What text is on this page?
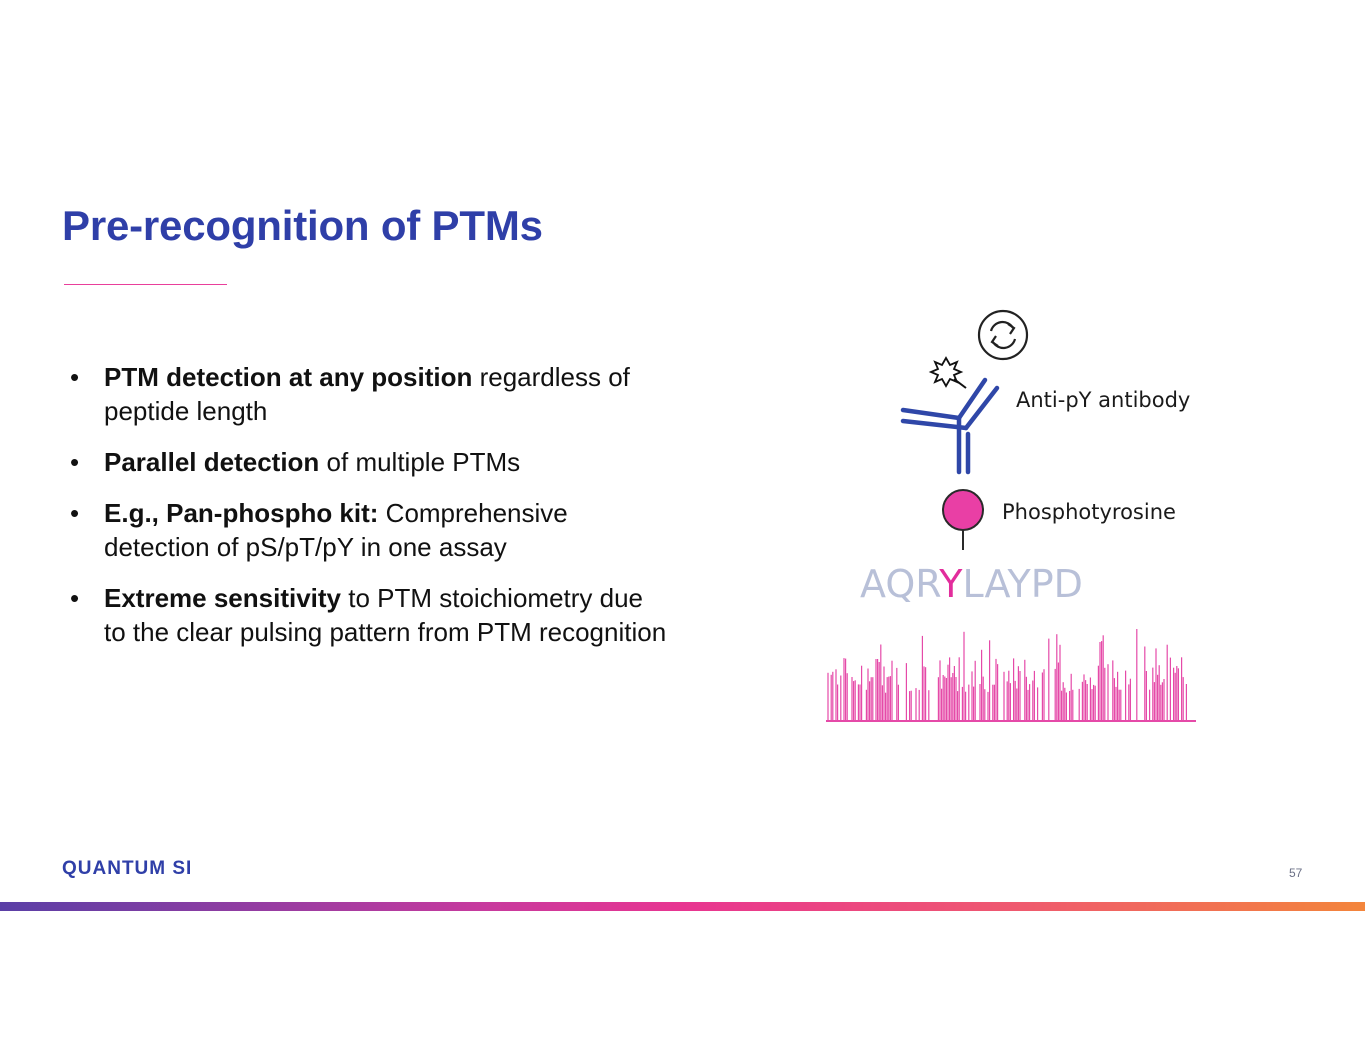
Pre-recognition of PTMs
• PTM detection at any position regardless of peptide length
• Parallel detection of multiple PTMs
• E.g., Pan-phospho kit: Comprehensive detection of pS/pT/pY in one assay
• Extreme sensitivity to PTM stoichiometry due to the clear pulsing pattern from PTM recognition
Anti-pY antibody
Phosphotyrosine
AQRYLAYPD
QUANTUM SI	57
